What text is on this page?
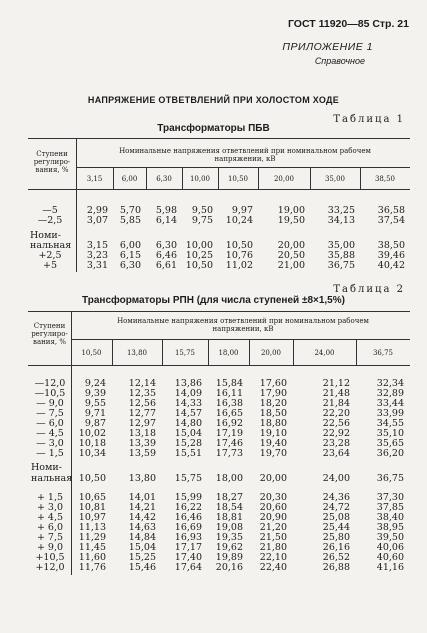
ГОСТ 11920—85 Стр. 21
ПРИЛОЖЕНИЕ 1
Справочное
НАПРЯЖЕНИЕ ОТВЕТВЛЕНИЙ ПРИ ХОЛОСТОМ ХОДЕ
Таблица 1
Трансформаторы ПБВ
Ступени регулиро- вания, %
Номинальные напряжения ответвлений при номинальном рабочем напряжении, кВ
3,15	6,00	6,30	10,00	10,50	20,00	35,00	38,50
—5	2,99	5,70	5,98	9,50	9,97	19,00	33,25	36,58
—2,5	3,07	5,85	6,14	9,75	10,24	19,50	34,13	37,54
Номи-
нальная	3,15	6,00	6,30 10,00	10,50	20,00	35,00	38,50
+2,5	3,23	6,15	6,46 10,25	10,76	20,50	35,88	39,46
+5	3,31	6,30	6,61 10,50	11,02	21,00	36,75	40,42
Таблица 2
Трансформаторы РПН (для числа ступеней ±8×1,5%)
Ступени регулиро- вания, %
Номинальные напряжения ответвлений при номинальном рабочем напряжении, кВ
10,50	13,80	15,75	18,00	20,00	24,00	36,75
—12,0	9,24	12,14	13,86	15,84	17,60	21,12	32,34
—10,5	9,39	12,35	14,09	16,11	17,90	21,48	32,89
— 9,0	9,55	12,56	14,33	16,38	18,20	21,84	33,44
— 7,5	9,71	12,77	14,57	16,65	18,50	22,20	33,99
— 6,0	9,87	12,97	14,80	16,92	18,80	22,56	34,55
— 4,5	10,02	13,18	15,04	17,19	19,10	22,92	35,10
— 3,0	10,18	13,39	15,28	17,46	19,40	23,28	35,65
— 1,5	10,34	13,59	15,51	17,73	19,70	23,64	36,20
Номи-
нальная 10,50	13,80	15,75	18,00	20,00	24,00	36,75
+ 1,5	10,65	14,01	15,99	18,27	20,30	24,36	37,30
+ 3,0	10,81	14,21	16,22	18,54	20,60	24,72	37,85
+ 4,5	10,97	14,42	16,46	18,81	20,90	25,08	38,40
+ 6,0	11,13	14,63	16,69	19,08	21,20	25,44	38,95
+ 7,5	11,29	14,84	16,93	19,35	21,50	25,80	39,50
+ 9,0	11,45	15,04	17,17	19,62	21,80	26,16	40,06
+10,5	11,60	15,25	17,40	19,89	22,10	26,52	40,60
+12,0	11,76	15,46	17,64	20,16	22,40	26,88	41,16
